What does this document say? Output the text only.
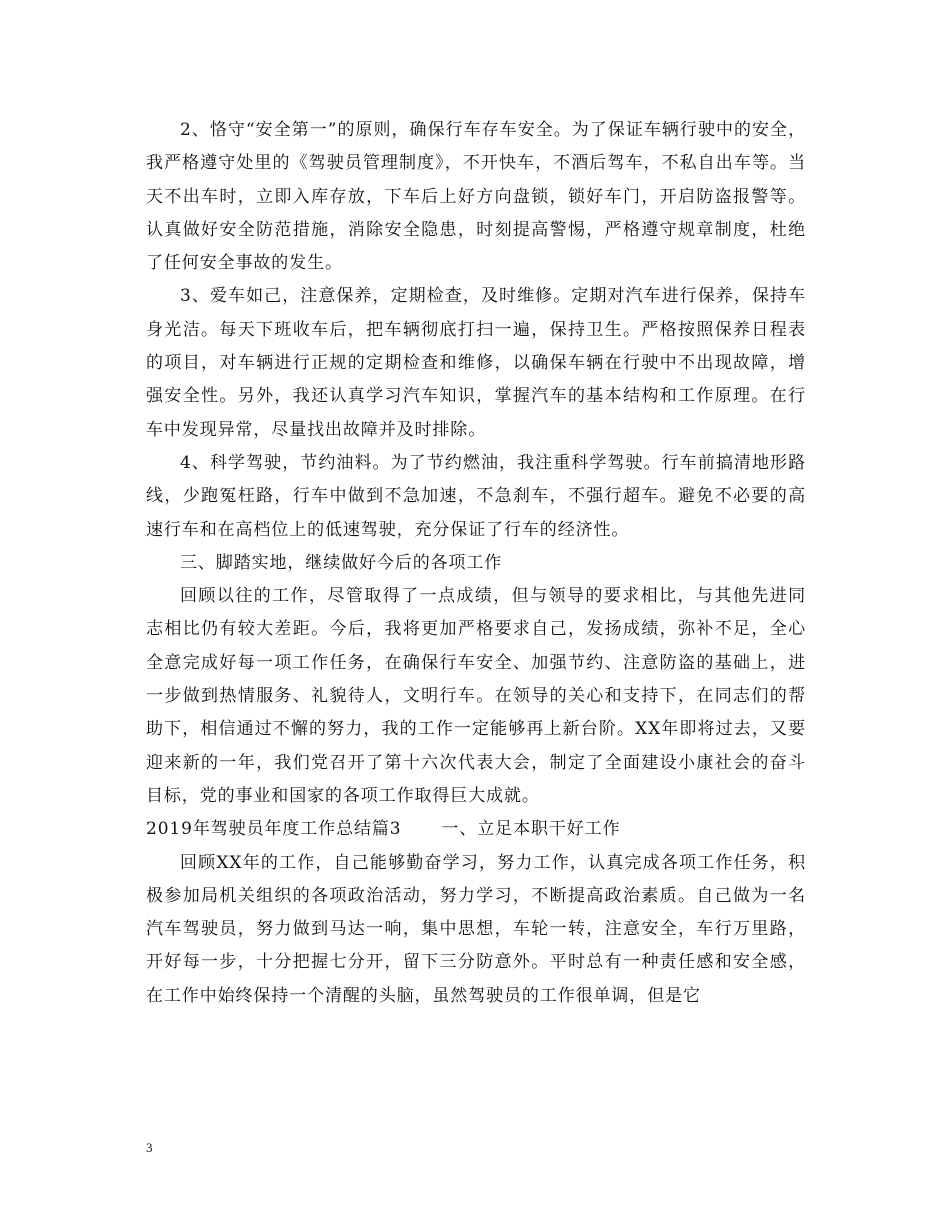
2、恪守“安全第一”的原则，确保行车存车安全。为了保证车辆行驶中的安全，我严格遵守处里的《驾驶员管理制度》，不开快车，不酒后驾车，不私自出车等。当天不出车时，立即入库存放，下车后上好方向盘锁，锁好车门，开启防盗报警等。认真做好安全防范措施，消除安全隐患，时刻提高警惕，严格遵守规章制度，杜绝了任何安全事故的发生。

3、爱车如己，注意保养，定期检查，及时维修。定期对汽车进行保养，保持车身光洁。每天下班收车后，把车辆彻底打扫一遍，保持卫生。严格按照保养日程表的项目，对车辆进行正规的定期检查和维修，以确保车辆在行驶中不出现故障，增强安全性。另外，我还认真学习汽车知识，掌握汽车的基本结构和工作原理。在行车中发现异常，尽量找出故障并及时排除。

4、科学驾驶，节约油料。为了节约燃油，我注重科学驾驶。行车前搞清地形路线，少跑冤枉路，行车中做到不急加速，不急刹车，不强行超车。避免不必要的高速行车和在高档位上的低速驾驶，充分保证了行车的经济性。

三、脚踏实地，继续做好今后的各项工作

回顾以往的工作，尽管取得了一点成绩，但与领导的要求相比，与其他先进同志相比仍有较大差距。今后，我将更加严格要求自己，发扬成绩，弥补不足，全心全意完成好每一项工作任务，在确保行车安全、加强节约、注意防盗的基础上，进一步做到热情服务、礼貌待人，文明行车。在领导的关心和支持下，在同志们的帮助下，相信通过不懈的努力，我的工作一定能够再上新台阶。XX年即将过去，又要迎来新的一年，我们党召开了第十六次代表大会，制定了全面建设小康社会的奋斗目标，党的事业和国家的各项工作取得巨大成就。

2019年驾驶员年度工作总结篇3 一、立足本职干好工作

回顾XX年的工作，自己能够勤奋学习，努力工作，认真完成各项工作任务，积极参加局机关组织的各项政治活动，努力学习，不断提高政治素质。自己做为一名汽车驾驶员，努力做到马达一响，集中思想，车轮一转，注意安全，车行万里路，开好每一步，十分把握七分开，留下三分防意外。平时总有一种责任感和安全感，在工作中始终保持一个清醒的头脑，虽然驾驶员的工作很单调，但是它

3
